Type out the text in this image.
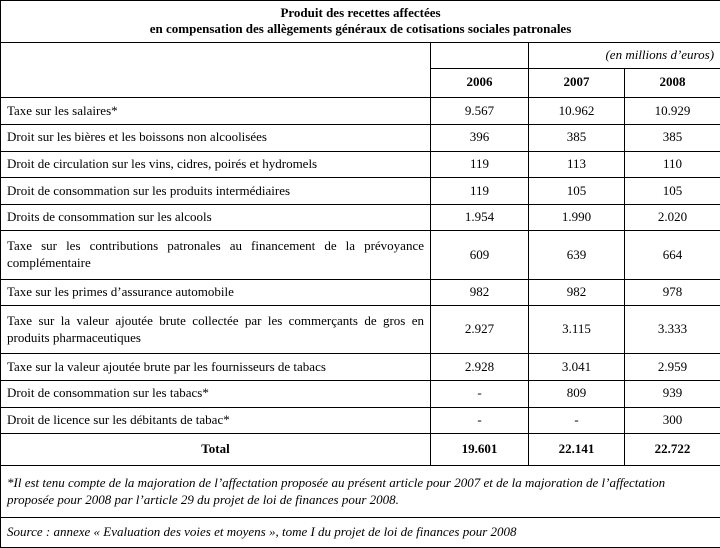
Produit des recettes affectées
en compensation des allègements généraux de cotisations sociales patronales			

		(en millions d’euros)	
	2006	2007	2008
Taxe sur les salaires*	9.567	10.962	10.929
Droit sur les bières et les boissons non alcoolisées	396	385	385
Droit de circulation sur les vins, cidres, poirés et hydromels	119	113	110
Droit de consommation sur les produits intermédiaires	119	105	105
Droits de consommation sur les alcools	1.954	1.990	2.020
Taxe sur les contributions patronales au financement de la prévoyance complémentaire	609	639	664
Taxe sur les primes d’assurance automobile	982	982	978
Taxe sur la valeur ajoutée brute collectée par les commerçants de gros en produits pharmaceutiques	2.927	3.115	3.333
Taxe sur la valeur ajoutée brute par les fournisseurs de tabacs	2.928	3.041	2.959
Droit de consommation sur les tabacs*	-	809	939
Droit de licence sur les débitants de tabac*	-	-	300
Total	19.601	22.141	22.722
*Il est tenu compte de la majoration de l’affectation proposée au présent article pour 2007 et de la majoration de l’affectation proposée pour 2008 par l’article 29 du projet de loi de finances pour 2008.			
Source : annexe « Evaluation des voies et moyens », tome I du projet de loi de finances pour 2008			
